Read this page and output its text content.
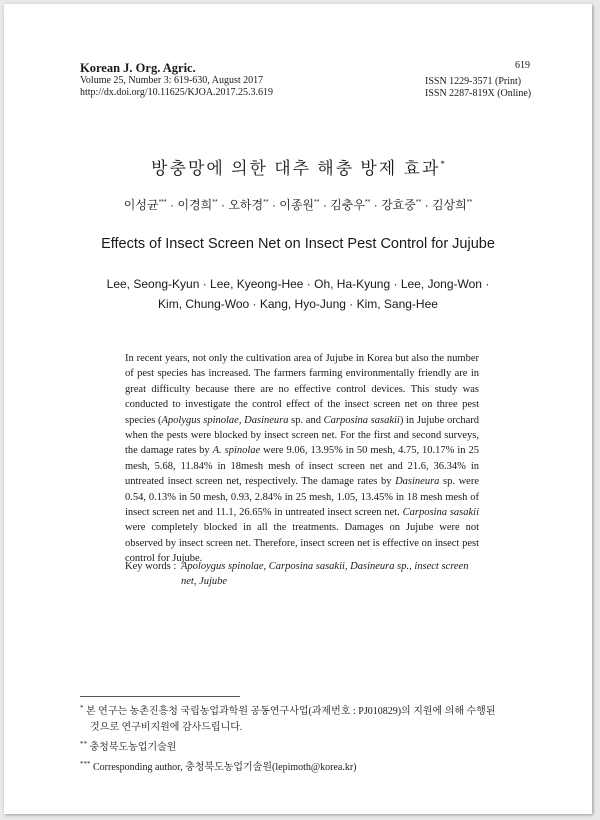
Korean J. Org. Agric.
Volume 25, Number 3: 619-630, August 2017
http://dx.doi.org/10.11625/KJOA.2017.25.3.619
619
ISSN 1229-3571 (Print)
ISSN 2287-819X (Online)
방충망에 의한 대추 해충 방제 효과*
이성균*** · 이경희** · 오하경** · 이종원** · 김충우** · 강효중** · 김상희**
Effects of Insect Screen Net on Insect Pest Control for Jujube
Lee, Seong-Kyun · Lee, Kyeong-Hee · Oh, Ha-Kyung · Lee, Jong-Won ·
Kim, Chung-Woo · Kang, Hyo-Jung · Kim, Sang-Hee
In recent years, not only the cultivation area of Jujube in Korea but also the number of pest species has increased. The farmers farming environmentally friendly are in great difficulty because there are no effective control devices. This study was conducted to investigate the control effect of the insect screen net on three pest species (Apolygus spinolae, Dasineura sp. and Carposina sasakii) in Jujube orchard when the pests were blocked by insect screen net. For the first and second surveys, the damage rates by A. spinolae were 9.06, 13.95% in 50 mesh, 4.75, 10.17% in 25 mesh, 5.68, 11.84% in 18mesh mesh of insect screen net and 21.6, 36.34% in untreated insect screen net, respectively. The damage rates by Dasineura sp. were 0.54, 0.13% in 50 mesh, 0.93, 2.84% in 25 mesh, 1.05, 13.45% in 18 mesh mesh of insect screen net and 11.1, 26.65% in untreated insect screen net. Carposina sasakii were completely blocked in all the treatments. Damages on Jujube were not observed by insect screen net. Therefore, insect screen net is effective on insect pest control for Jujube.
Key words : Apoloygus spinolae, Carposina sasakii, Dasineura sp., insect screen net, Jujube
* 본 연구는 농촌진흥청 국립농업과학원 공동연구사업(과제번호 : PJ010829)의 지원에 의해 수행된
것으로 연구비지원에 감사드립니다.
** 충청북도농업기술원
*** Corresponding author, 충청북도농업기술원(lepimoth@korea.kr)
